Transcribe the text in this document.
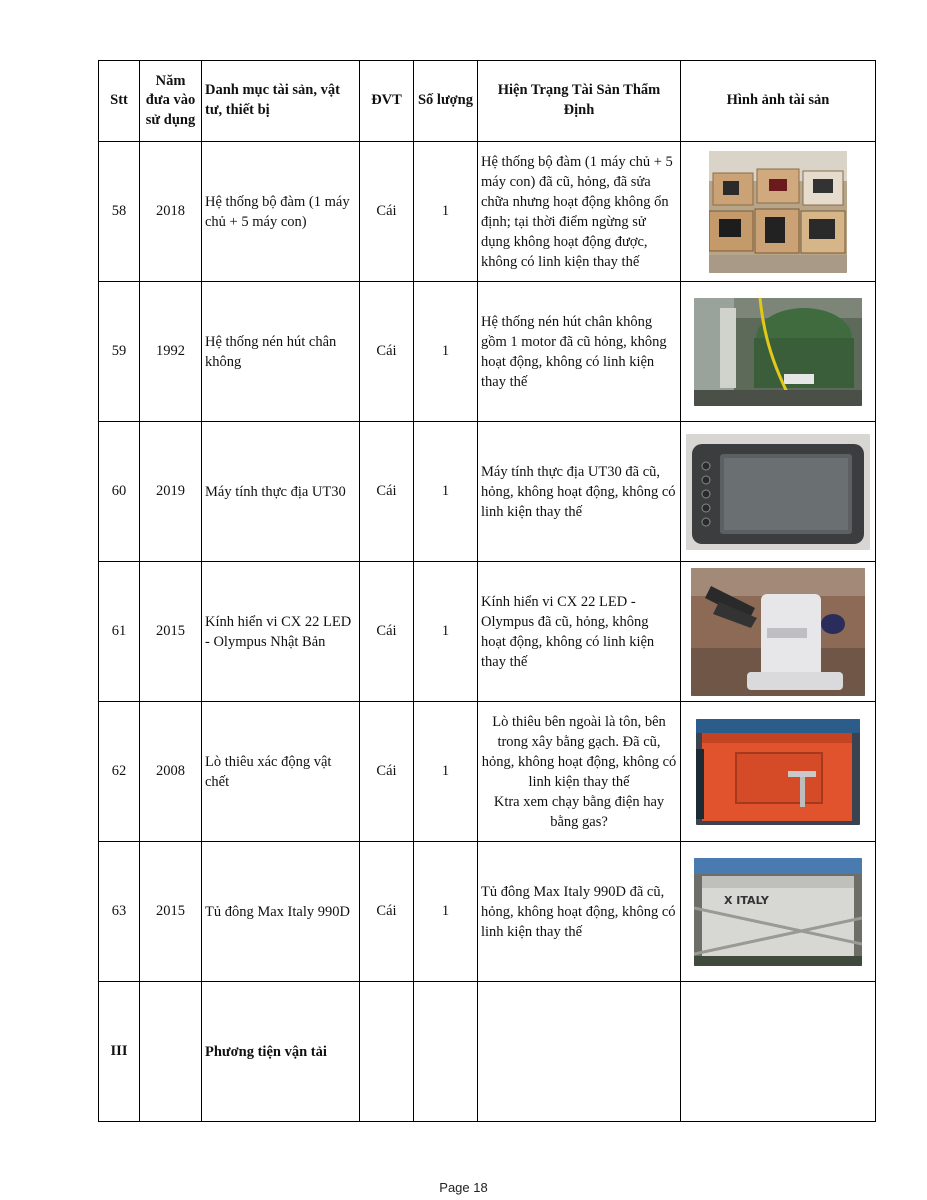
Stt	Năm đưa vào sử dụng	Danh mục tài sản, vật tư, thiết bị	ĐVT	Số lượng	Hiện Trạng Tài Sản Thẩm Định	Hình ảnh tài sản
58	2018	Hệ thống bộ đàm (1 máy chủ + 5 máy con)	Cái	1	Hệ thống bộ đàm (1 máy chủ + 5 máy con) đã cũ, hỏng, đã sửa chữa nhưng hoạt động không ổn định; tại thời điểm ngừng sử dụng không hoạt động được, không có linh kiện thay thế	

59	1992	Hệ thống nén hút chân không	Cái	1	Hệ thống nén hút chân không gồm 1 motor đã cũ hỏng, không hoạt động, không có linh kiện thay thế	

60	2019	Máy tính thực địa UT30	Cái	1	Máy tính thực địa UT30 đã cũ, hỏng, không hoạt động, không có linh kiện thay thế	

61	2015	Kính hiển vi CX 22 LED - Olympus Nhật Bản	Cái	1	Kính hiển vi CX 22 LED - Olympus đã cũ, hỏng, không hoạt động, không có linh kiện thay thế	

62	2008	Lò thiêu xác động vật chết	Cái	1	Lò thiêu bên ngoài là tôn, bên trong xây bằng gạch. Đã cũ, hỏng, không hoạt động, không có linh kiện thay thế
Ktra xem chạy bằng điện hay bằng gas?	

63	2015	Tủ đông Max Italy 990D	Cái	1	Tủ đông Max Italy 990D đã cũ, hỏng, không hoạt động, không có linh kiện thay thế	X ITALY

III		Phương tiện vận tải				
Page 18
